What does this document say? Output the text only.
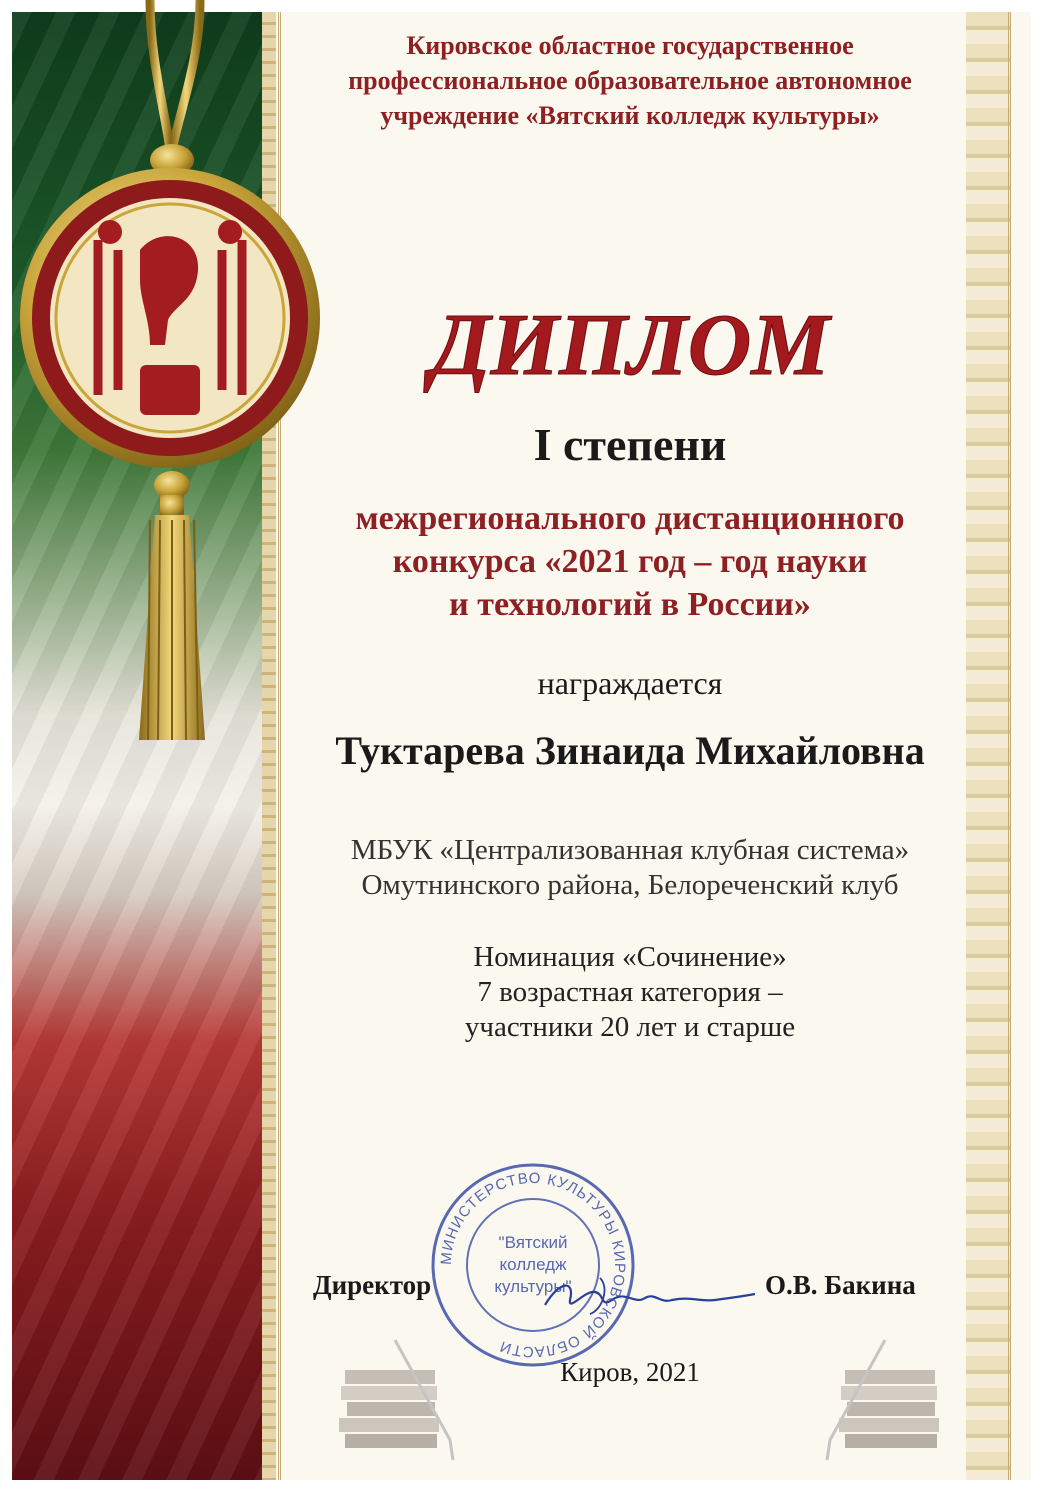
Кировское областное государственное
профессиональное образовательное автономное
учреждение «Вятский колледж культуры»
ДИПЛОМ
I степени
межрегионального дистанционного
конкурса «2021 год – год науки
и технологий в России»
награждается
Туктарева Зинаида Михайловна
МБУК «Централизованная клубная система»
Омутнинского района, Белореченский клуб
Номинация «Сочинение»
7 возрастная категория –
участники 20 лет и старше
МИНИСТЕРСТВО КУЛЬТУРЫ КИРОВСКОЙ ОБЛАСТИ
"Вятский
колледж
культуры"
Директор	О.В. Бакина
Киров, 2021
